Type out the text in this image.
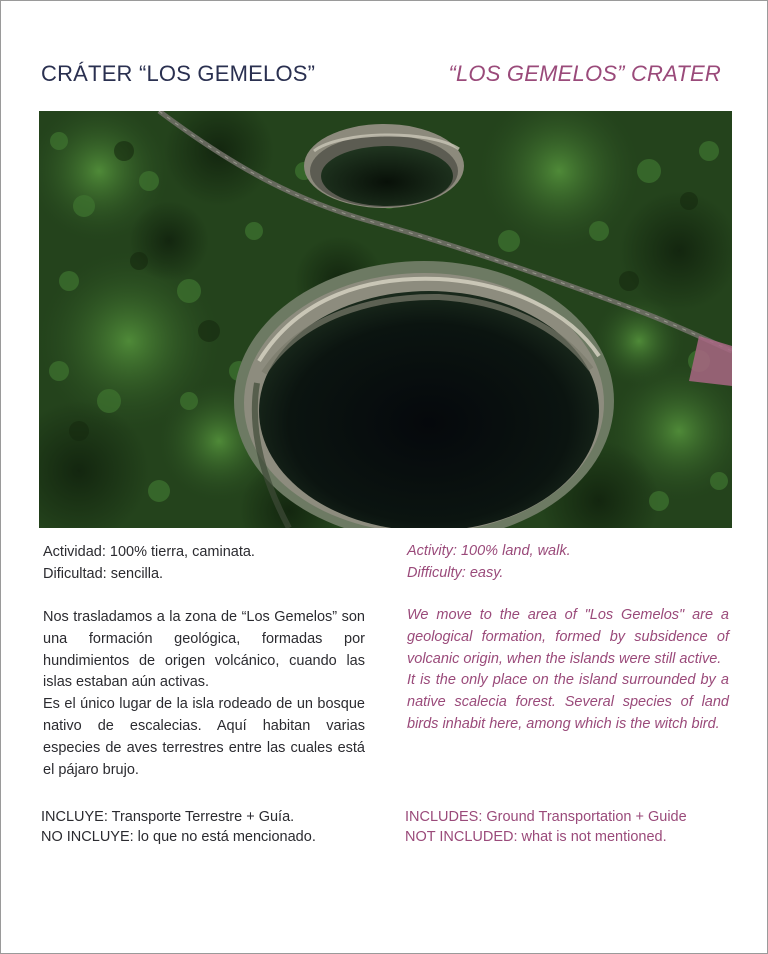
CRÁTER “LOS GEMELOS”	“LOS GEMELOS” CRATER
Actividad: 100% tierra, caminata.
Dificultad: sencilla.
Activity: 100% land, walk.
Difficulty: easy.

Nos trasladamos a la zona de “Los Gemelos” son una formación geológica, formadas por hundimientos de origen volcánico, cuando las islas estaban aún activas.

Es el único lugar de la isla rodeado de un bosque nativo de escalecias. Aquí habitan varias especies de aves terrestres entre las cuales está el pájaro brujo.

We move to the area of "Los Gemelos" are a geological formation, formed by subsidence of volcanic origin, when the islands were still active.

It is the only place on the island surrounded by a native scalecia forest. Several species of land birds inhabit here, among which is the witch bird.

INCLUYE: Transporte Terrestre + Guía.
NO INCLUYE: lo que no está mencionado.
INCLUDES: Ground Transportation + Guide
NOT INCLUDED: what is not mentioned.
